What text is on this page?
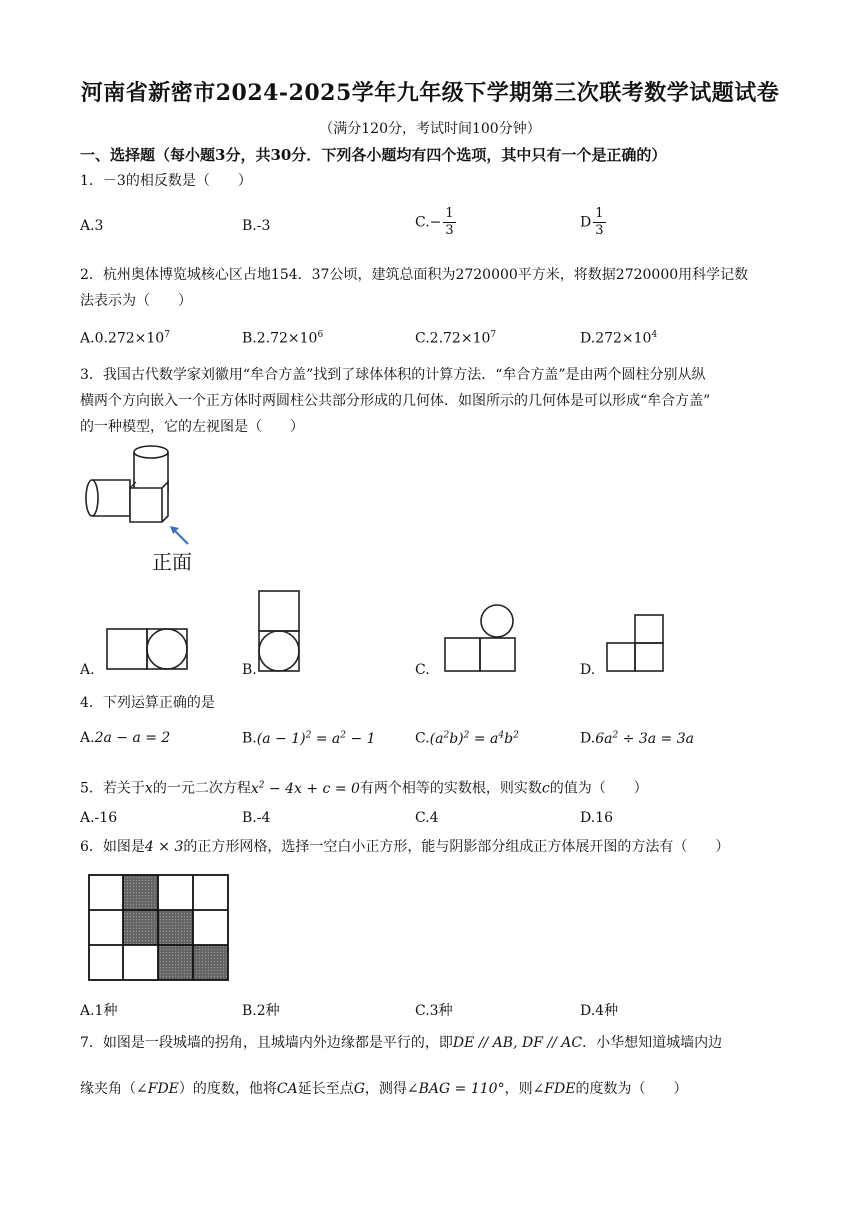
河南省新密市2024-2025学年九年级下学期第三次联考数学试题试卷
（满分120分，考试时间100分钟）
一、选择题（每小题3分，共30分．下列各小题均有四个选项，其中只有一个是正确的）
1．－3的相反数是（　　）
A.3	B.-3	$C.- \frac{1}{3}$	D $\frac{1}{3}$
2．杭州奥体博览城核心区占地154．37公顷，建筑总面积为2720000平方米，将数据2720000用科学记数
法表示为（　　）
$A.0.272\times 10^7$	$B.2.72\times 10^6$	$C.2.72\times 10^7$	$D.272\times 10^4$
3．我国古代数学家刘徽用“牟合方盖”找到了球体体积的计算方法．“牟合方盖”是由两个圆柱分别从纵
横两个方向嵌入一个正方体时两圆柱公共部分形成的几何体．如图所示的几何体是可以形成“牟合方盖”
的一种模型，它的左视图是（　　）
正面
A.	B.	C.	D.
4．下列运算正确的是
A.2a − a = 2	$B.(a - 1)^2 = a^2 - 1$	$C.(a^2b)^2 = a^4b^2$	$D.6a^2 \div 3a = 3a$
5．若关于x的一元二次方程$x^2 - 4x + c = 0$有两个相等的实数根，则实数c的值为（　　）
A.-16	B.-4	C.4	D.16
6．如图是4 × 3的正方形网格，选择一空白小正方形，能与阴影部分组成正方体展开图的方法有（　　）
A.1种	B.2种	C.3种	D.4种
7．如图是一段城墙的拐角，且城墙内外边缘都是平行的，即DE // AB, DF // AC．小华想知道城墙内边
缘夹角（∠FDE）的度数，他将CA延长至点G，测得∠BAG = 110°，则∠FDE的度数为（　　）
